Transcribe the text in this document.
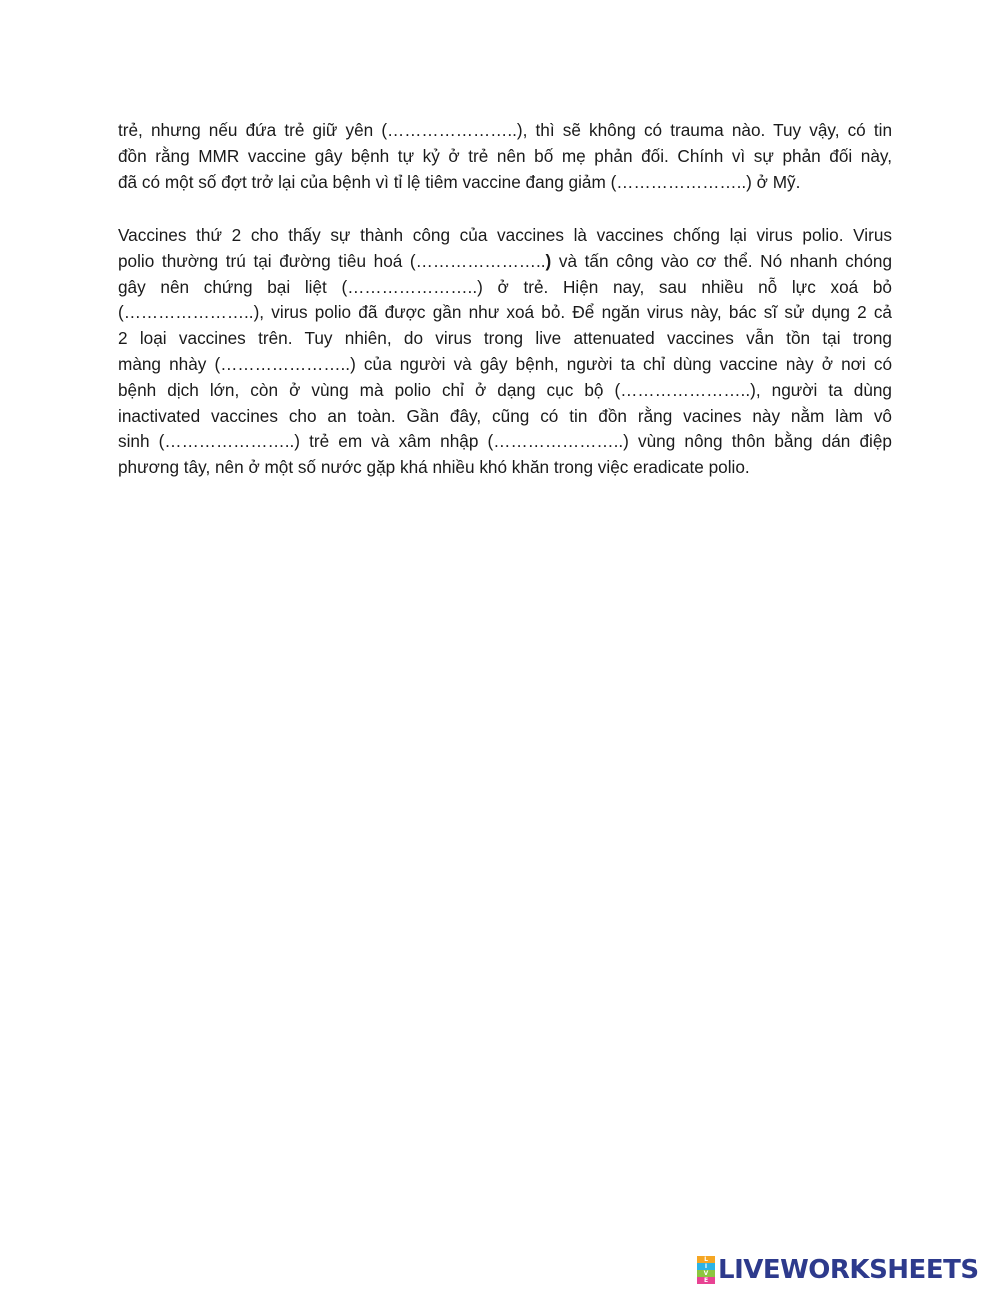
trẻ, nhưng nếu đứa trẻ giữ yên (…………………..), thì sẽ không có trauma nào. Tuy vậy, có tin
đồn rằng MMR vaccine gây bệnh tự kỷ ở trẻ nên bố mẹ phản đối. Chính vì sự phản đối này,
đã có một số đợt trở lại của bệnh vì tỉ lệ tiêm vaccine đang giảm (…………………..) ở Mỹ.
Vaccines thứ 2 cho thấy sự thành công của vaccines là vaccines chống lại virus polio. Virus
polio thường trú tại đường tiêu hoá (…………………..) và tấn công vào cơ thể. Nó nhanh chóng
gây nên chứng bại liệt (…………………..) ở trẻ. Hiện nay, sau nhiều nỗ lực xoá bỏ
(…………………..), virus polio đã được gần như xoá bỏ. Để ngăn virus này, bác sĩ sử dụng 2 cả
2 loại vaccines trên. Tuy nhiên, do virus trong live attenuated vaccines vẫn tồn tại trong
màng nhày (…………………..) của người và gây bệnh, người ta chỉ dùng vaccine này ở nơi có
bệnh dịch lớn, còn ở vùng mà polio chỉ ở dạng cục bộ (…………………..), người ta dùng
inactivated vaccines cho an toàn. Gần đây, cũng có tin đồn rằng vacines này nằm làm vô
sinh (…………………..) trẻ em và xâm nhập (…………………..) vùng nông thôn bằng dán điệp
phương tây, nên ở một số nước gặp khá nhiều khó khăn trong việc eradicate polio.
L
I
V
E LIVEWORKSHEETS
